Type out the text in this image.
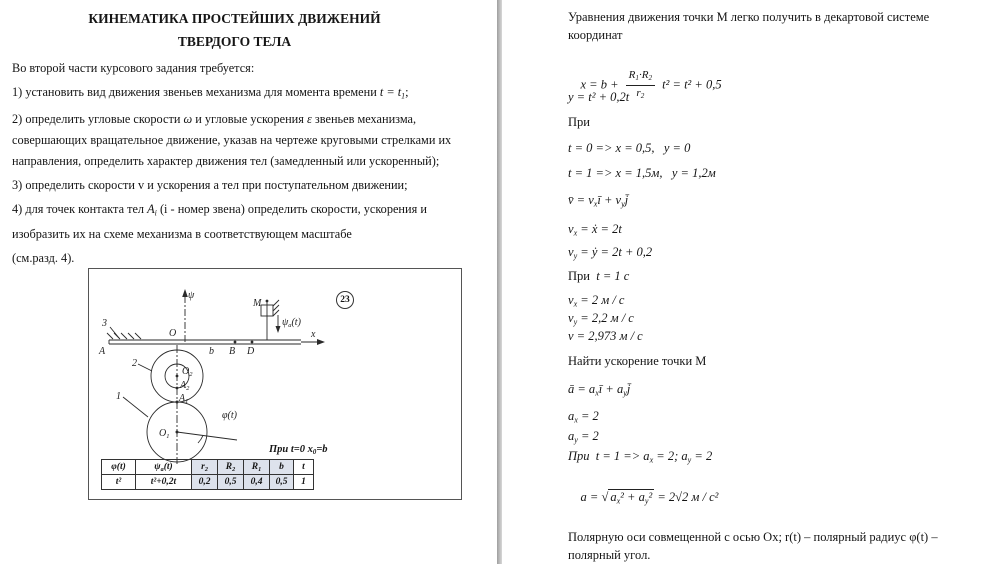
КИНЕМАТИКА ПРОСТЕЙШИХ ДВИЖЕНИЙ
ТВЕРДОГО ТЕЛА
Во второй части курсового задания требуется:
1) установить вид движения звеньев механизма для момента времени $t = t_1$;
2) определить угловые скорости ω и угловые ускорения ε звеньев механизма, совершающих вращательное движение, указав на чертеже круговыми стрелками их направления, определить характер движения тел (замедленный или ускоренный);
3) определить скорости v и ускорения а тел при поступательном движении;
4) для точек контакта тел $A_i$ (i - номер звена) определить скорости, ускорения и изобразить их на схеме механизма в соответствующем масштабе
(см.разд. 4).
23
ψ
M
$\psi_a(t)$
x
A
O
b B D
3
2
1
$O_2$
$A_2$
$A_1$
$O_1$
φ(t)
При t=0 $x_0=b$
φ(t)	$\psi_a(t)$	$r_2$	$R_2$	$R_1$	b	t
t²	t²+0,2t	0,2	0,5	0,4	0,5	1
Уравнения движения точки М легко получить в декартовой системе координат

$x = b + \frac{R_1\cdot R_2}{r_2} t^2 = t^2 + 0,5$

y = t² + 0,2t
При
t = 0 => x = 0,5,   y = 0
t = 1 => x = 1,5м,   y = 1,2м
v̄ = $v_xī$ + $v_yj̄$
$v_x$ = ẋ = 2t
$v_y$ = ẏ = 2t + 0,2
При  t = 1 с
$v_x = 2$ м / с
$v_y = 2,2$ м / с
v = 2,973 м / с
Найти ускорение точки М
ā = $a_xī$ + $a_yj̄$
$a_x = 2$
$a_y = 2$
При  $t = 1 => a_x = 2$; $a_y = 2$

a = √ $a_x^2 + a_y^2 = 2√2$ м / с²

Полярную оси совмещенной с осью Ox; r(t) – полярный радиус φ(t) – полярный угол.
